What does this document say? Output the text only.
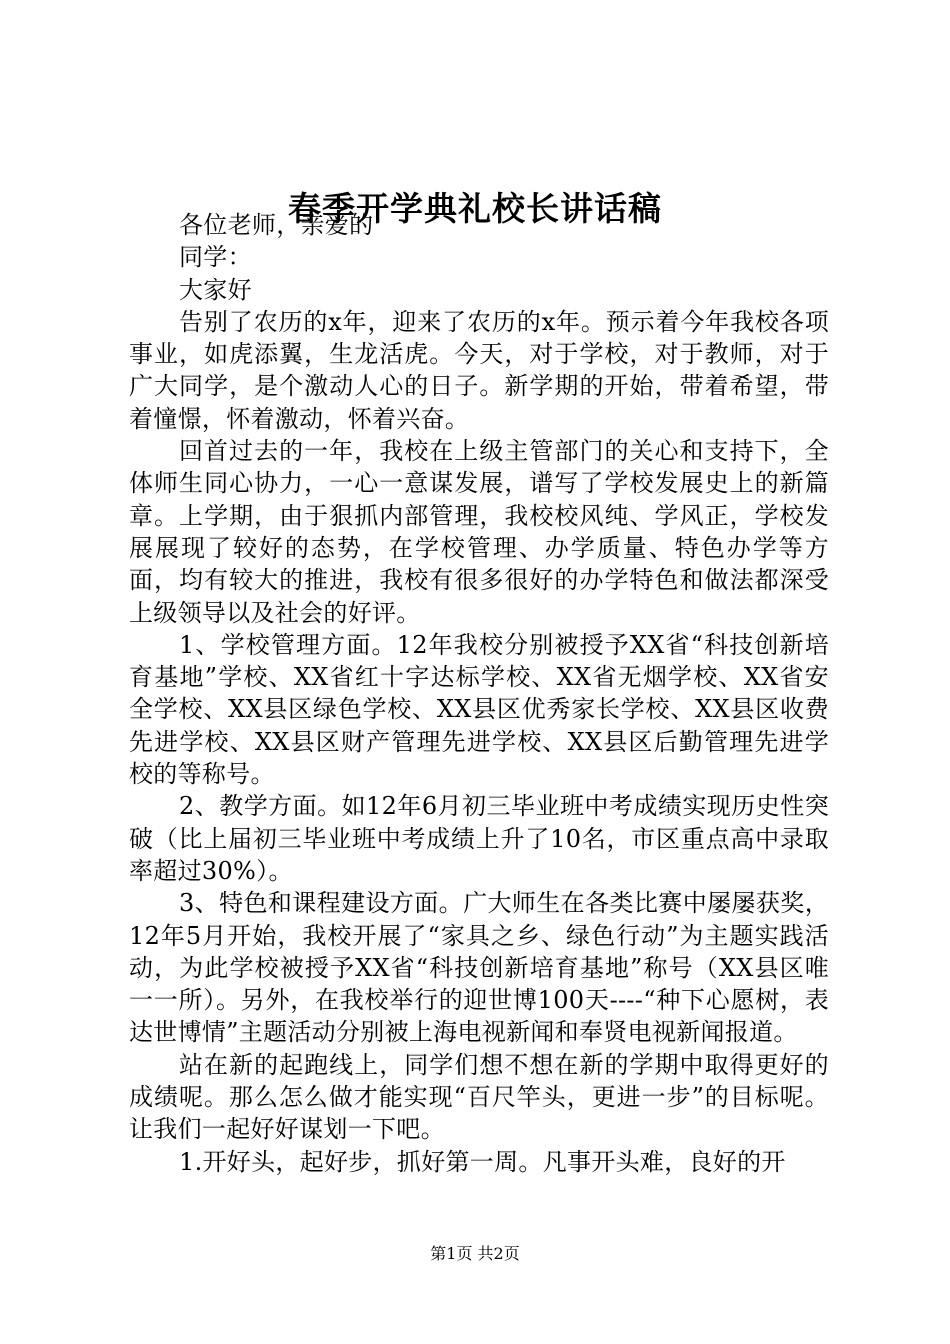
春季开学典礼校长讲话稿

各位老师，亲爱的

同学：

大家好

告别了农历的x年，迎来了农历的x年。预示着今年我校各项事业，如虎添翼，生龙活虎。今天，对于学校，对于教师，对于广大同学，是个激动人心的日子。新学期的开始，带着希望，带着憧憬，怀着激动，怀着兴奋。

回首过去的一年，我校在上级主管部门的关心和支持下，全体师生同心协力，一心一意谋发展，谱写了学校发展史上的新篇章。上学期，由于狠抓内部管理，我校校风纯、学风正，学校发展展现了较好的态势，在学校管理、办学质量、特色办学等方面，均有较大的推进，我校有很多很好的办学特色和做法都深受上级领导以及社会的好评。

1、学校管理方面。12年我校分别被授予XX省“科技创新培育基地”学校、XX省红十字达标学校、XX省无烟学校、XX省安全学校、XX县区绿色学校、XX县区优秀家长学校、XX县区收费先进学校、XX县区财产管理先进学校、XX县区后勤管理先进学校的等称号。

2、教学方面。如12年6月初三毕业班中考成绩实现历史性突破（比上届初三毕业班中考成绩上升了10名，市区重点高中录取率超过30%）。

3、特色和课程建设方面。广大师生在各类比赛中屡屡获奖，12年5月开始，我校开展了“家具之乡、绿色行动”为主题实践活动，为此学校被授予XX省“科技创新培育基地”称号（XX县区唯一一所）。另外，在我校举行的迎世博100天----“种下心愿树，表达世博情”主题活动分别被上海电视新闻和奉贤电视新闻报道。

站在新的起跑线上，同学们想不想在新的学期中取得更好的成绩呢。那么怎么做才能实现“百尺竿头，更进一步”的目标呢。让我们一起好好谋划一下吧。

1.开好头，起好步，抓好第一周。凡事开头难，良好的开

第1页 共2页
